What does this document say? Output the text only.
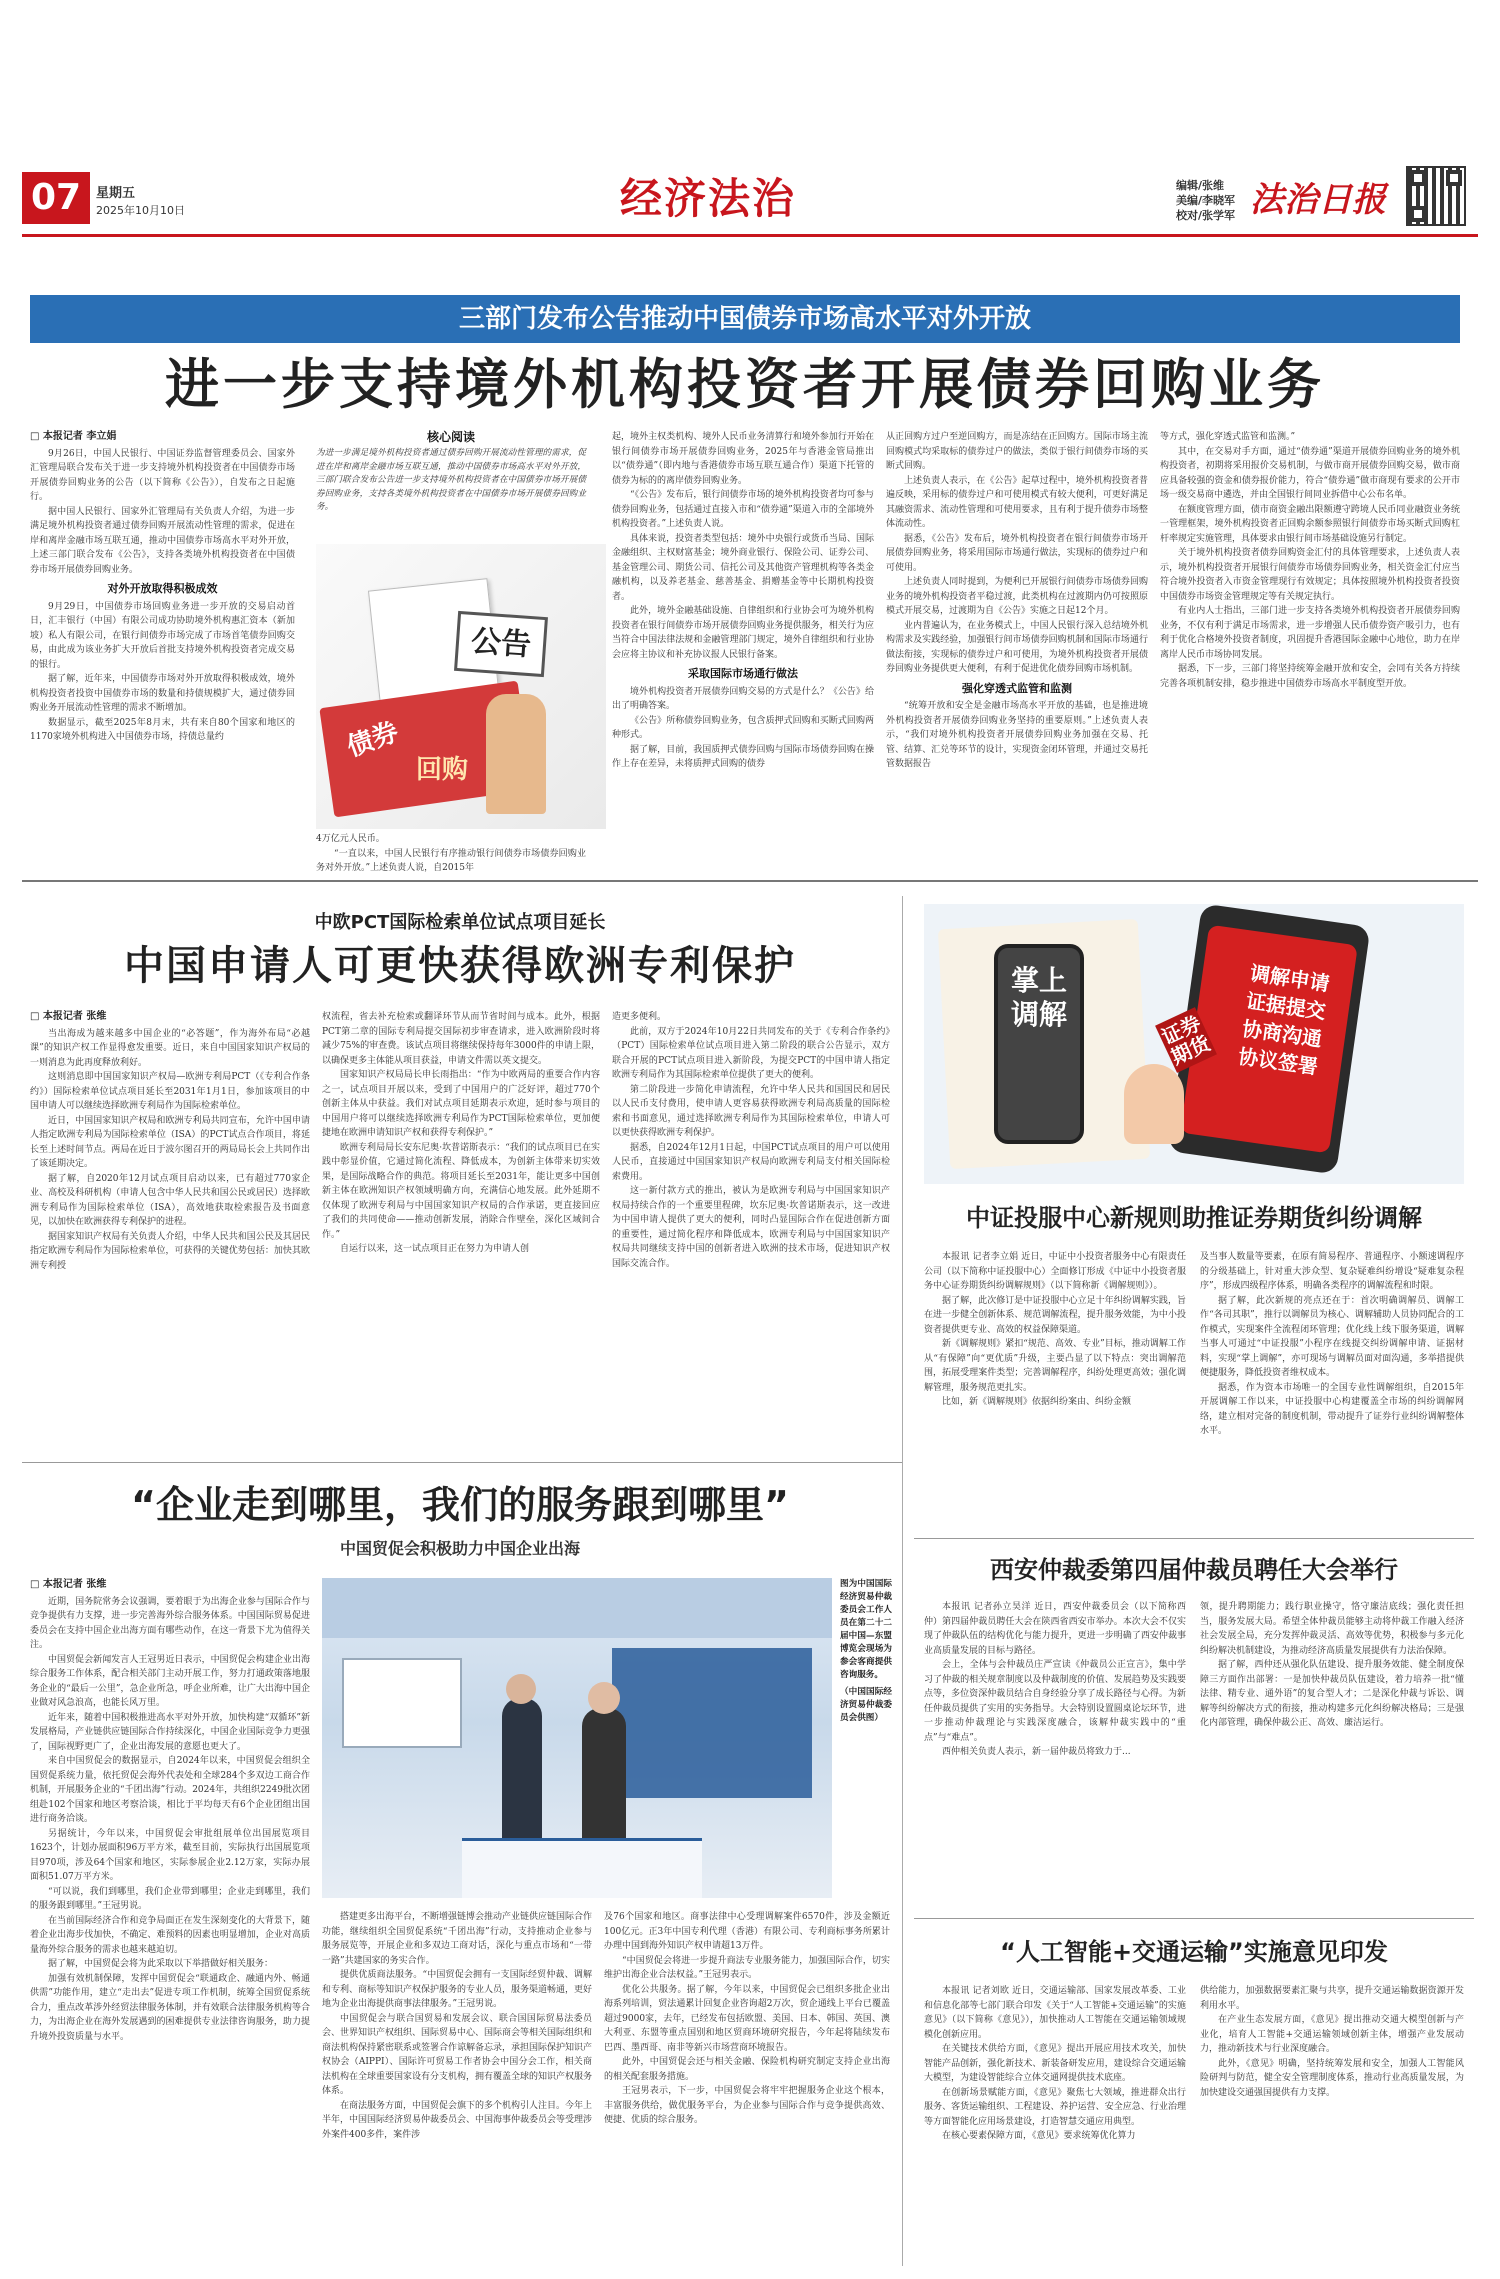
07	星期五
2025年10月10日	经济法治	编辑/张维
美编/李晓军
校对/张学军 法治日报
三部门发布公告推动中国债券市场高水平对外开放
进一步支持境外机构投资者开展债券回购业务
□ 本报记者 李立娟

9月26日，中国人民银行、中国证券监督管理委员会、国家外汇管理局联合发布关于进一步支持境外机构投资者在中国债券市场开展债券回购业务的公告（以下简称《公告》），自发布之日起施行。

据中国人民银行、国家外汇管理局有关负责人介绍，为进一步满足境外机构投资者通过债券回购开展流动性管理的需求，促进在岸和离岸金融市场互联互通，推动中国债券市场高水平对外开放，上述三部门联合发布《公告》，支持各类境外机构投资者在中国债券市场开展债券回购业务。

对外开放取得积极成效

9月29日，中国债券市场回购业务进一步开放的交易启动首日，汇丰银行（中国）有限公司成功协助境外机构惠汇资本（新加坡）私人有限公司，在银行间债券市场完成了市场首笔债券回购交易，由此成为该业务扩大开放后首批支持境外机构投资者完成交易的银行。

据了解，近年来，中国债券市场对外开放取得积极成效，境外机构投资者投资中国债券市场的数量和持债规模扩大，通过债券回购业务开展流动性管理的需求不断增加。

数据显示，截至2025年8月末，共有来自80个国家和地区的1170家境外机构进入中国债券市场，持债总量约

核心阅读
为进一步满足境外机构投资者通过债券回购开展流动性管理的需求，促进在岸和离岸金融市场互联互通，推动中国债券市场高水平对外开放，三部门联合发布公告进一步支持境外机构投资者在中国债券市场开展债券回购业务，支持各类境外机构投资者在中国债券市场开展债券回购业务。
公告
债券
回购

4万亿元人民币。

“一直以来，中国人民银行有序推动银行间债券市场债券回购业务对外开放。”上述负责人说，自2015年

起，境外主权类机构、境外人民币业务清算行和境外参加行开始在银行间债券市场开展债券回购业务，2025年与香港金管局推出以“债券通”（即内地与香港债券市场互联互通合作）渠道下托管的债券为标的的离岸债券回购业务。

“《公告》发布后，银行间债券市场的境外机构投资者均可参与债券回购业务，包括通过直接入市和“债券通”渠道入市的全部境外机构投资者。”上述负责人说。

具体来说，投资者类型包括：境外中央银行或货币当局、国际金融组织、主权财富基金；境外商业银行、保险公司、证券公司、基金管理公司、期货公司、信托公司及其他资产管理机构等各类金融机构，以及养老基金、慈善基金、捐赠基金等中长期机构投资者。

此外，境外金融基础设施、自律组织和行业协会可为境外机构投资者在银行间债券市场开展债券回购业务提供服务，相关行为应当符合中国法律法规和金融管理部门规定，境外自律组织和行业协会应将主协议和补充协议报人民银行备案。

采取国际市场通行做法

境外机构投资者开展债券回购交易的方式是什么？《公告》给出了明确答案。

《公告》所称债券回购业务，包含质押式回购和买断式回购两种形式。

据了解，目前，我国质押式债券回购与国际市场债券回购在操作上存在差异，未将质押式回购的债券

从正回购方过户至逆回购方，而是冻结在正回购方。国际市场主流回购模式均采取标的债券过户的做法，类似于银行间债券市场的买断式回购。

上述负责人表示，在《公告》起草过程中，境外机构投资者普遍反映，采用标的债券过户和可使用模式有较大便利，可更好满足其融资需求、流动性管理和可使用要求，且有利于提升债券市场整体流动性。

据悉，《公告》发布后，境外机构投资者在银行间债券市场开展债券回购业务，将采用国际市场通行做法，实现标的债券过户和可使用。

上述负责人同时提到，为便利已开展银行间债券市场债券回购业务的境外机构投资者平稳过渡，此类机构在过渡期内仍可按照原模式开展交易，过渡期为自《公告》实施之日起12个月。

业内普遍认为，在业务模式上，中国人民银行深入总结境外机构需求及实践经验，加强银行间市场债券回购机制和国际市场通行做法衔接，实现标的债券过户和可使用，为境外机构投资者开展债券回购业务提供更大便利，有利于促进优化债券回购市场机制。

强化穿透式监管和监测

“统筹开放和安全是金融市场高水平开放的基础，也是推进境外机构投资者开展债券回购业务坚持的重要原则。”上述负责人表示，“我们对境外机构投资者开展债券回购业务加强在交易、托管、结算、汇兑等环节的设计，实现资金闭环管理，并通过交易托管数据报告

等方式，强化穿透式监管和监测。”

其中，在交易对手方面，通过“债券通”渠道开展债券回购业务的境外机构投资者，初期将采用报价交易机制，与做市商开展债券回购交易，做市商应具备较强的资金和债券报价能力，符合“债券通”做市商现有要求的公开市场一级交易商中遴选，并由全国银行间同业拆借中心公布名单。

在额度管理方面，债市商资金融出限额遵守跨境人民币同业融资业务统一管理框架，境外机构投资者正回购余额参照银行间债券市场买断式回购杠杆率规定实施管理，具体要求由银行间市场基础设施另行制定。

关于境外机构投资者债券回购资金汇付的具体管理要求，上述负责人表示，境外机构投资者开展银行间债券市场债券回购业务，相关资金汇付应当符合境外投资者入市资金管理现行有效规定；具体按照境外机构投资者投资中国债券市场资金管理规定等有关规定执行。

有业内人士指出，三部门进一步支持各类境外机构投资者开展债券回购业务，不仅有利于满足市场需求，进一步增强人民币债券资产吸引力，也有利于优化合格境外投资者制度，巩固提升香港国际金融中心地位，助力在岸离岸人民币市场协同发展。

据悉，下一步，三部门将坚持统筹金融开放和安全，会同有关各方持续完善各项机制安排，稳步推进中国债券市场高水平制度型开放。

中欧PCT国际检索单位试点项目延长
中国申请人可更快获得欧洲专利保护
□ 本报记者 张维

当出海成为越来越多中国企业的“必答题”，作为海外布局“必越课”的知识产权工作显得愈发重要。近日，来自中国国家知识产权局的一则消息为此再度释放利好。

这则消息即中国国家知识产权局—欧洲专利局PCT（《专利合作条约》）国际检索单位试点项目延长至2031年1月1日，参加该项目的中国申请人可以继续选择欧洲专利局作为国际检索单位。

近日，中国国家知识产权局和欧洲专利局共同宣布，允许中国申请人指定欧洲专利局为国际检索单位（ISA）的PCT试点合作项目，将延长至上述时间节点。两局在近日于波尔图召开的两局局长会上共同作出了该延期决定。

据了解，自2020年12月试点项目启动以来，已有超过770家企业、高校及科研机构（申请人包含中华人民共和国公民或居民）选择欧洲专利局作为国际检索单位（ISA），高效地获取检索报告及书面意见，以加快在欧洲获得专利保护的进程。

据国家知识产权局有关负责人介绍，中华人民共和国公民及其居民指定欧洲专利局作为国际检索单位，可获得的关键优势包括：加快其欧洲专利授

权流程，省去补充检索或翻译环节从而节省时间与成本。此外，根据PCT第二章的国际专利局提交国际初步审查请求，进入欧洲阶段时将减少75%的审查费。该试点项目将继续保持每年3000件的申请上限，以确保更多主体能从项目获益，申请文件需以英文提交。

国家知识产权局局长申长雨指出：“作为中欧两局的重要合作内容之一，试点项目开展以来，受到了中国用户的广泛好评，超过770个创新主体从中获益。我们对试点项目延期表示欢迎，延时参与项目的中国用户将可以继续选择欧洲专利局作为PCT国际检索单位，更加便捷地在欧洲申请知识产权和获得专利保护。”

欧洲专利局局长安东尼奥·坎普诺斯表示：“我们的试点项目已在实践中彰显价值，它通过简化流程、降低成本，为创新主体带来切实效果，是国际战略合作的典范。将项目延长至2031年，能让更多中国创新主体在欧洲知识产权领域明确方向，充满信心地发展。此外延期不仅体现了欧洲专利局与中国国家知识产权局的合作承诺，更直接回应了我们的共同使命——推动创新发展，消除合作壁垒，深化区域间合作。”

自运行以来，这一试点项目正在努力为申请人创

造更多便利。

此前，双方于2024年10月22日共同发布的关于《专利合作条约》（PCT）国际检索单位试点项目进入第二阶段的联合公告显示，双方联合开展的PCT试点项目进入新阶段，为提交PCT的中国申请人指定欧洲专利局作为其国际检索单位提供了更大的便利。

第二阶段进一步简化申请流程，允许中华人民共和国国民和居民以人民币支付费用，使申请人更容易获得欧洲专利局高质量的国际检索和书面意见，通过选择欧洲专利局作为其国际检索单位，申请人可以更快获得欧洲专利保护。

据悉，自2024年12月1日起，中国PCT试点项目的用户可以使用人民币，直接通过中国国家知识产权局向欧洲专利局支付相关国际检索费用。

这一新付款方式的推出，被认为是欧洲专利局与中国国家知识产权局持续合作的一个重要里程碑，坎东尼奥·坎普诺斯表示，这一改进为中国申请人提供了更大的便利，同时凸显国际合作在促进创新方面的重要性，通过简化程序和降低成本，欧洲专利局与中国国家知识产权局共同继续支持中国的创新者进入欧洲的技术市场，促进知识产权国际交流合作。

“企业走到哪里，我们的服务跟到哪里”
中国贸促会积极助力中国企业出海
□ 本报记者 张维

近期，国务院常务会议强调，要着眼于为出海企业参与国际合作与竞争提供有力支撑，进一步完善海外综合服务体系。中国国际贸易促进委员会在支持中国企业出海方面有哪些动作，在这一背景下尤为值得关注。

中国贸促会新闻发言人王冠男近日表示，中国贸促会构建企业出海综合服务工作体系，配合相关部门主动开展工作，努力打通政策落地服务企业的“最后一公里”，急企业所急，呼企业所难，让广大出海中国企业做对风急浪高，也能长风万里。

近年来，随着中国积极推进高水平对外开放，加快构建“双循环”新发展格局，产业链供应链国际合作持续深化，中国企业国际竞争力更强了，国际视野更广了，企业出海发展的意愿也更大了。

来自中国贸促会的数据显示，自2024年以来，中国贸促会组织全国贸促系统力量，依托贸促会海外代表处和全球284个多双边工商合作机制，开展服务企业的“千团出海”行动。2024年，共组织2249批次团组赴102个国家和地区考察洽谈，相比于平均每天有6个企业团组出国进行商务洽谈。

另据统计，今年以来，中国贸促会审批组展单位出国展览项目1623个，计划办展面积96万平方米，截至目前，实际执行出国展览项目970项，涉及64个国家和地区，实际参展企业2.12万家，实际办展面积51.07万平方米。

“可以说，我们到哪里，我们企业带到哪里；企业走到哪里，我们的服务跟到哪里。”王冠男说。

在当前国际经济合作和竞争局面正在发生深刻变化的大背景下，随着企业出海步伐加快，不确定、难预料的因素也明显增加，企业对高质量海外综合服务的需求也越来越迫切。

据了解，中国贸促会将为此采取以下举措做好相关服务：

加强有效机制保障，发挥中国贸促会“联通政企、融通内外、畅通供需”功能作用，建立“走出去”促进专项工作机制，统筹全国贸促系统合力，重点改革涉外经贸法律服务体制，并有效联合法律服务机构等合力，为出海企业在海外发展遇到的困难提供专业法律咨询服务，助力提升境外投资质量与水平。

图为中国国际经济贸易仲裁委员会工作人员在第二十二届中国—东盟博览会现场为参会客商提供咨询服务。
（中国国际经济贸易仲裁委员会供图）

搭建更多出海平台，不断增强链博会推动产业链供应链国际合作功能，继续组织全国贸促系统“千团出海”行动，支持推动企业参与服务展览等，开展企业和多双边工商对话，深化与重点市场和“一带一路”共建国家的务实合作。

提供优质商法服务。“中国贸促会拥有一支国际经贸仲裁、调解和专利、商标等知识产权保护服务的专业人员，服务渠道畅通，更好地为企业出海提供商事法律服务。”王冠男说。

中国贸促会与联合国贸易和发展会议、联合国国际贸易法委员会、世界知识产权组织、国际贸易中心、国际商会等相关国际组织和商法机构保持紧密联系或签署合作谅解备忘录，承担国际保护知识产权协会（AIPPI）、国际许可贸易工作者协会中国分会工作，相关商法机构在全球重要国家设有分支机构，拥有覆盖全球的知识产权服务体系。

在商法服务方面，中国贸促会旗下的多个机构引人注目。今年上半年，中国国际经济贸易仲裁委员会、中国海事仲裁委员会等受理涉外案件400多件，案件涉

及76个国家和地区。商事法律中心受理调解案件6570件，涉及金额近100亿元。正3年中国专利代理（香港）有限公司、专利商标事务所累计办理中国到海外知识产权申请超13万件。

“中国贸促会将进一步提升商法专业服务能力，加强国际合作，切实维护出海企业合法权益。”王冠男表示。

优化公共服务。据了解，今年以来，中国贸促会已组织多批企业出海系列培训，贸法通累计回复企业咨询超2万次，贸企通线上平台已覆盖超过9000家，去年，已经发布包括欧盟、美国、日本、韩国、英国、澳大利亚、东盟等重点国别和地区贸商环境研究报告，今年起将陆续发布巴西、墨西哥、南非等新兴市场营商环境报告。

此外，中国贸促会还与相关金融、保险机构研究制定支持企业出海的相关配套服务措施。

王冠男表示，下一步，中国贸促会将牢牢把握服务企业这个根本，丰富服务供给，做优服务平台，为企业参与国际合作与竞争提供高效、便捷、优质的综合服务。

掌上调解
调解申请
证据提交
协商沟通
协议签署
证券期货
中证投服中心新规则助推证券期货纠纷调解

本报讯 记者李立娟 近日，中证中小投资者服务中心有限责任公司（以下简称中证投服中心）全面修订形成《中证中小投资者服务中心证券期货纠纷调解规则》（以下简称新《调解规则》）。

据了解，此次修订是中证投服中心立足十年纠纷调解实践，旨在进一步健全创新体系、规范调解流程，提升服务效能，为中小投资者提供更专业、高效的权益保障渠道。

新《调解规则》紧扣“规范、高效、专业”目标，推动调解工作从“有保障”向“更优质”升级，主要凸显了以下特点：突出调解范围，拓展受理案件类型；完善调解程序，纠纷处理更高效；强化调解管理，服务规范更扎实。

比如，新《调解规则》依据纠纷案由、纠纷金额

及当事人数量等要素，在原有简易程序、普通程序、小额速调程序的分级基础上，针对重大涉众型、复杂疑难纠纷增设“疑难复杂程序”，形成四级程序体系，明确各类程序的调解流程和时限。

据了解，此次新规的亮点还在于：首次明确调解员、调解工作“各司其职”，推行以调解员为核心、调解辅助人员协同配合的工作模式，实现案件全流程闭环管理；优化线上线下服务渠道，调解当事人可通过“中证投服”小程序在线提交纠纷调解申请、证据材料，实现“掌上调解”，亦可现场与调解员面对面沟通，多举措提供便捷服务，降低投资者维权成本。

据悉，作为资本市场唯一的全国专业性调解组织，自2015年开展调解工作以来，中证投服中心构建覆盖全市场的纠纷调解网络，建立相对完备的制度机制，带动提升了证券行业纠纷调解整体水平。

西安仲裁委第四届仲裁员聘任大会举行

本报讯 记者孙立昊洋 近日，西安仲裁委员会（以下简称西仲）第四届仲裁员聘任大会在陕西省西安市举办。本次大会不仅实现了仲裁队伍的结构优化与能力提升，更进一步明确了西安仲裁事业高质量发展的目标与路径。

会上，全体与会仲裁员庄严宣读《仲裁员公正宣言》，集中学习了仲裁的相关规章制度以及仲裁制度的价值、发展趋势及实践要点等，多位资深仲裁员结合自身经验分享了成长路径与心得。为新任仲裁员提供了实用的实务指导。大会特别设置圆桌论坛环节，进一步推动仲裁理论与实践深度融合，该解仲裁实践中的“重点”与“难点”。

西仲相关负责人表示，新一届仲裁员将致力于...

领，提升聘期能力；践行职业操守，恪守廉洁底线；强化责任担当，服务发展大局。希望全体仲裁员能够主动将仲裁工作融入经济社会发展全局，充分发挥仲裁灵活、高效等优势，积极参与多元化纠纷解决机制建设，为推动经济高质量发展提供有力法治保障。

据了解，西仲还从强化队伍建设、提升服务效能、健全制度保障三方面作出部署：一是加快仲裁员队伍建设，着力培养一批“懂法律、精专业、通外语”的复合型人才；二是深化仲裁与诉讼、调解等纠纷解决方式的衔接，推动构建多元化纠纷解决格局；三是强化内部管理，确保仲裁公正、高效、廉洁运行。

“人工智能+交通运输”实施意见印发

本报讯 记者刘欧 近日，交通运输部、国家发展改革委、工业和信息化部等七部门联合印发《关于“人工智能+交通运输”的实施意见》（以下简称《意见》），加快推动人工智能在交通运输领域规模化创新应用。

在关键技术供给方面，《意见》提出开展应用技术攻关，加快智能产品创新，强化新技术、新装备研发应用，建设综合交通运输大模型，为建设智能综合立体交通网提供技术底座。

在创新场景赋能方面，《意见》聚焦七大领域，推进群众出行服务、客货运输组织、工程建设、养护运营、安全应急、行业治理等方面智能化应用场景建设，打造智慧交通应用典型。

在核心要素保障方面，《意见》要求统筹优化算力

供给能力，加强数据要素汇聚与共享，提升交通运输数据资源开发利用水平。

在产业生态发展方面，《意见》提出推动交通大模型创新与产业化，培育人工智能+交通运输领域创新主体，增强产业发展动力，推动新技术与行业深度融合。

此外，《意见》明确，坚持统筹发展和安全，加强人工智能风险研判与防范，健全安全管理制度体系，推动行业高质量发展，为加快建设交通强国提供有力支撑。
